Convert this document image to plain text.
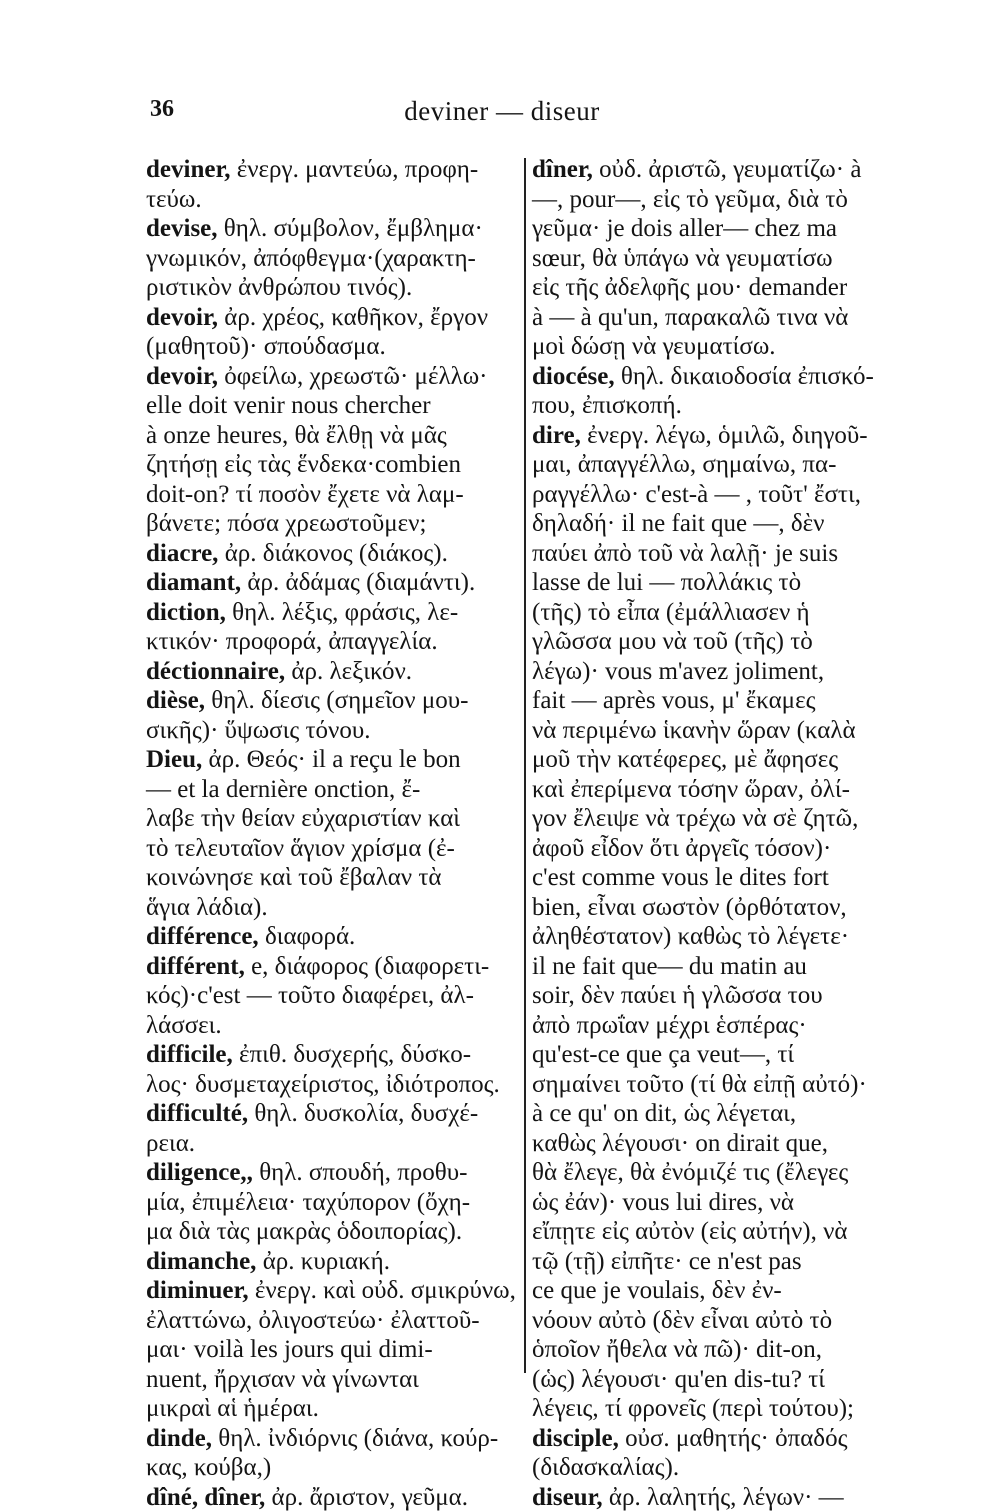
36	deviner — diseur
deviner, ἐνεργ. μαντεύω, προφη-
τεύω.
devise, θηλ. σύμβολον, ἔμβλημα·
γνωμικόν, ἀπόφθεγμα·(χαρακτη-
ριστικὸν ἀνθρώπου τινός).
devoir, ἀρ. χρέος, καθῆκον, ἔργον
(μαθητοῦ)· σπούδασμα.
devoir, ὀφείλω, χρεωστῶ· μέλλω·
elle doit venir nous chercher
à onze heures, θὰ ἔλθῃ νὰ μᾶς
ζητήσῃ εἰς τὰς ἕνδεκα·combien
doit-on? τί ποσὸν ἔχετε νὰ λαμ-
βάνετε; πόσα χρεωστοῦμεν;
diacre, ἀρ. διάκονος (διάκος).
diamant, ἀρ. ἀδάμας (διαμάντι).
diction, θηλ. λέξις, φράσις, λε-
κτικόν· προφορά, ἀπαγγελία.
déctionnaire, ἀρ. λεξικόν.
dièse, θηλ. δίεσις (σημεῖον μου-
σικῆς)· ὕψωσις τόνου.
Dieu, ἀρ. Θεός· il a reçu le bon
— et la dernière onction, ἔ-
λαβε τὴν θείαν εὐχαριστίαν καὶ
τὸ τελευταῖον ἅγιον χρίσμα (ἐ-
κοινώνησε καὶ τοῦ ἔβαλαν τὰ
ἅγια λάδια).
différence, διαφορά.
différent, e, διάφορος (διαφορετι-
κός)·c'est — τοῦτο διαφέρει, ἀλ-
λάσσει.
difficile, ἐπιθ. δυσχερής, δύσκο-
λος· δυσμεταχείριστος, ἰδιότροπος.
difficulté, θηλ. δυσκολία, δυσχέ-
ρεια.
diligence,, θηλ. σπουδή, προθυ-
μία, ἐπιμέλεια· ταχύπορον (ὄχη-
μα διὰ τὰς μακρὰς ὁδοιπορίας).
dimanche, ἀρ. κυριακή.
diminuer, ἐνεργ. καὶ οὐδ. σμικρύνω,
ἐλαττώνω, ὀλιγοστεύω· ἐλαττοῦ-
μαι· voilà les jours qui dimi-
nuent, ἤρχισαν νὰ γίνωνται
μικραὶ αἱ ἡμέραι.
dinde, θηλ. ἰνδιόρνις (διάνα, κούρ-
κας, κούβα,)
dîné, dîner, ἀρ. ἄριστον, γεῦμα.
dîner, οὐδ. ἀριστῶ, γευματίζω· à
—, pour—, εἰς τὸ γεῦμα, διὰ τὸ
γεῦμα· je dois aller— chez ma
sœur, θὰ ὑπάγω νὰ γευματίσω
εἰς τῆς ἀδελφῆς μου· demander
à — à qu'un, παρακαλῶ τινα νὰ
μοὶ δώσῃ νὰ γευματίσω.
diocése, θηλ. δικαιοδοσία ἐπισκό-
που, ἐπισκοπή.
dire, ἐνεργ. λέγω, ὁμιλῶ, διηγοῦ-
μαι, ἀπαγγέλλω, σημαίνω, πα-
ραγγέλλω· c'est-à — , τοῦτ' ἔστι,
δηλαδή· il ne fait que —, δὲν
παύει ἀπὸ τοῦ νὰ λαλῇ· je suis
lasse de lui — πολλάκις τὸ
(τῆς) τὸ εἶπα (ἐμάλλιασεν ἡ
γλῶσσα μου νὰ τοῦ (τῆς) τὸ
λέγω)· vous m'avez joliment,
fait — après vous, μ' ἔκαμες
νὰ περιμένω ἱκανὴν ὥραν (καλὰ
μοῦ τὴν κατέφερες, μὲ ἄφησες
καὶ ἐπερίμενα τόσην ὥραν, ὀλί-
γον ἔλειψε νὰ τρέχω νὰ σὲ ζητῶ,
ἀφοῦ εἶδον ὅτι ἀργεῖς τόσον)·
c'est comme vous le dites fort
bien, εἶναι σωστὸν (ὀρθότατον,
ἀληθέστατον) καθὼς τὸ λέγετε·
il ne fait que— du matin au
soir, δὲν παύει ἡ γλῶσσα του
ἀπὸ πρωΐαν μέχρι ἑσπέρας·
qu'est-ce que ça veut—, τί
σημαίνει τοῦτο (τί θὰ εἰπῇ αὐτό)·
à ce qu' on dit, ὡς λέγεται,
καθὼς λέγουσι· on dirait que,
θὰ ἔλεγε, θὰ ἐνόμιζέ τις (ἔλεγες
ὡς ἐάν)· vous lui dires, νὰ
εἴπῃτε εἰς αὐτὸν (εἰς αὐτήν), νὰ
τῷ (τῇ) εἰπῆτε· ce n'est pas
ce que je voulais, δὲν ἐν-
νόουν αὐτὸ (δὲν εἶναι αὐτὸ τὸ
ὁποῖον ἤθελα νὰ πῶ)· dit-on,
(ὡς) λέγουσι· qu'en dis-tu? τί
λέγεις, τί φρονεῖς (περὶ τούτου);
disciple, οὐσ. μαθητής· ὀπαδός
(διδασκαλίας).
diseur, ἀρ. λαλητής, λέγων· —
